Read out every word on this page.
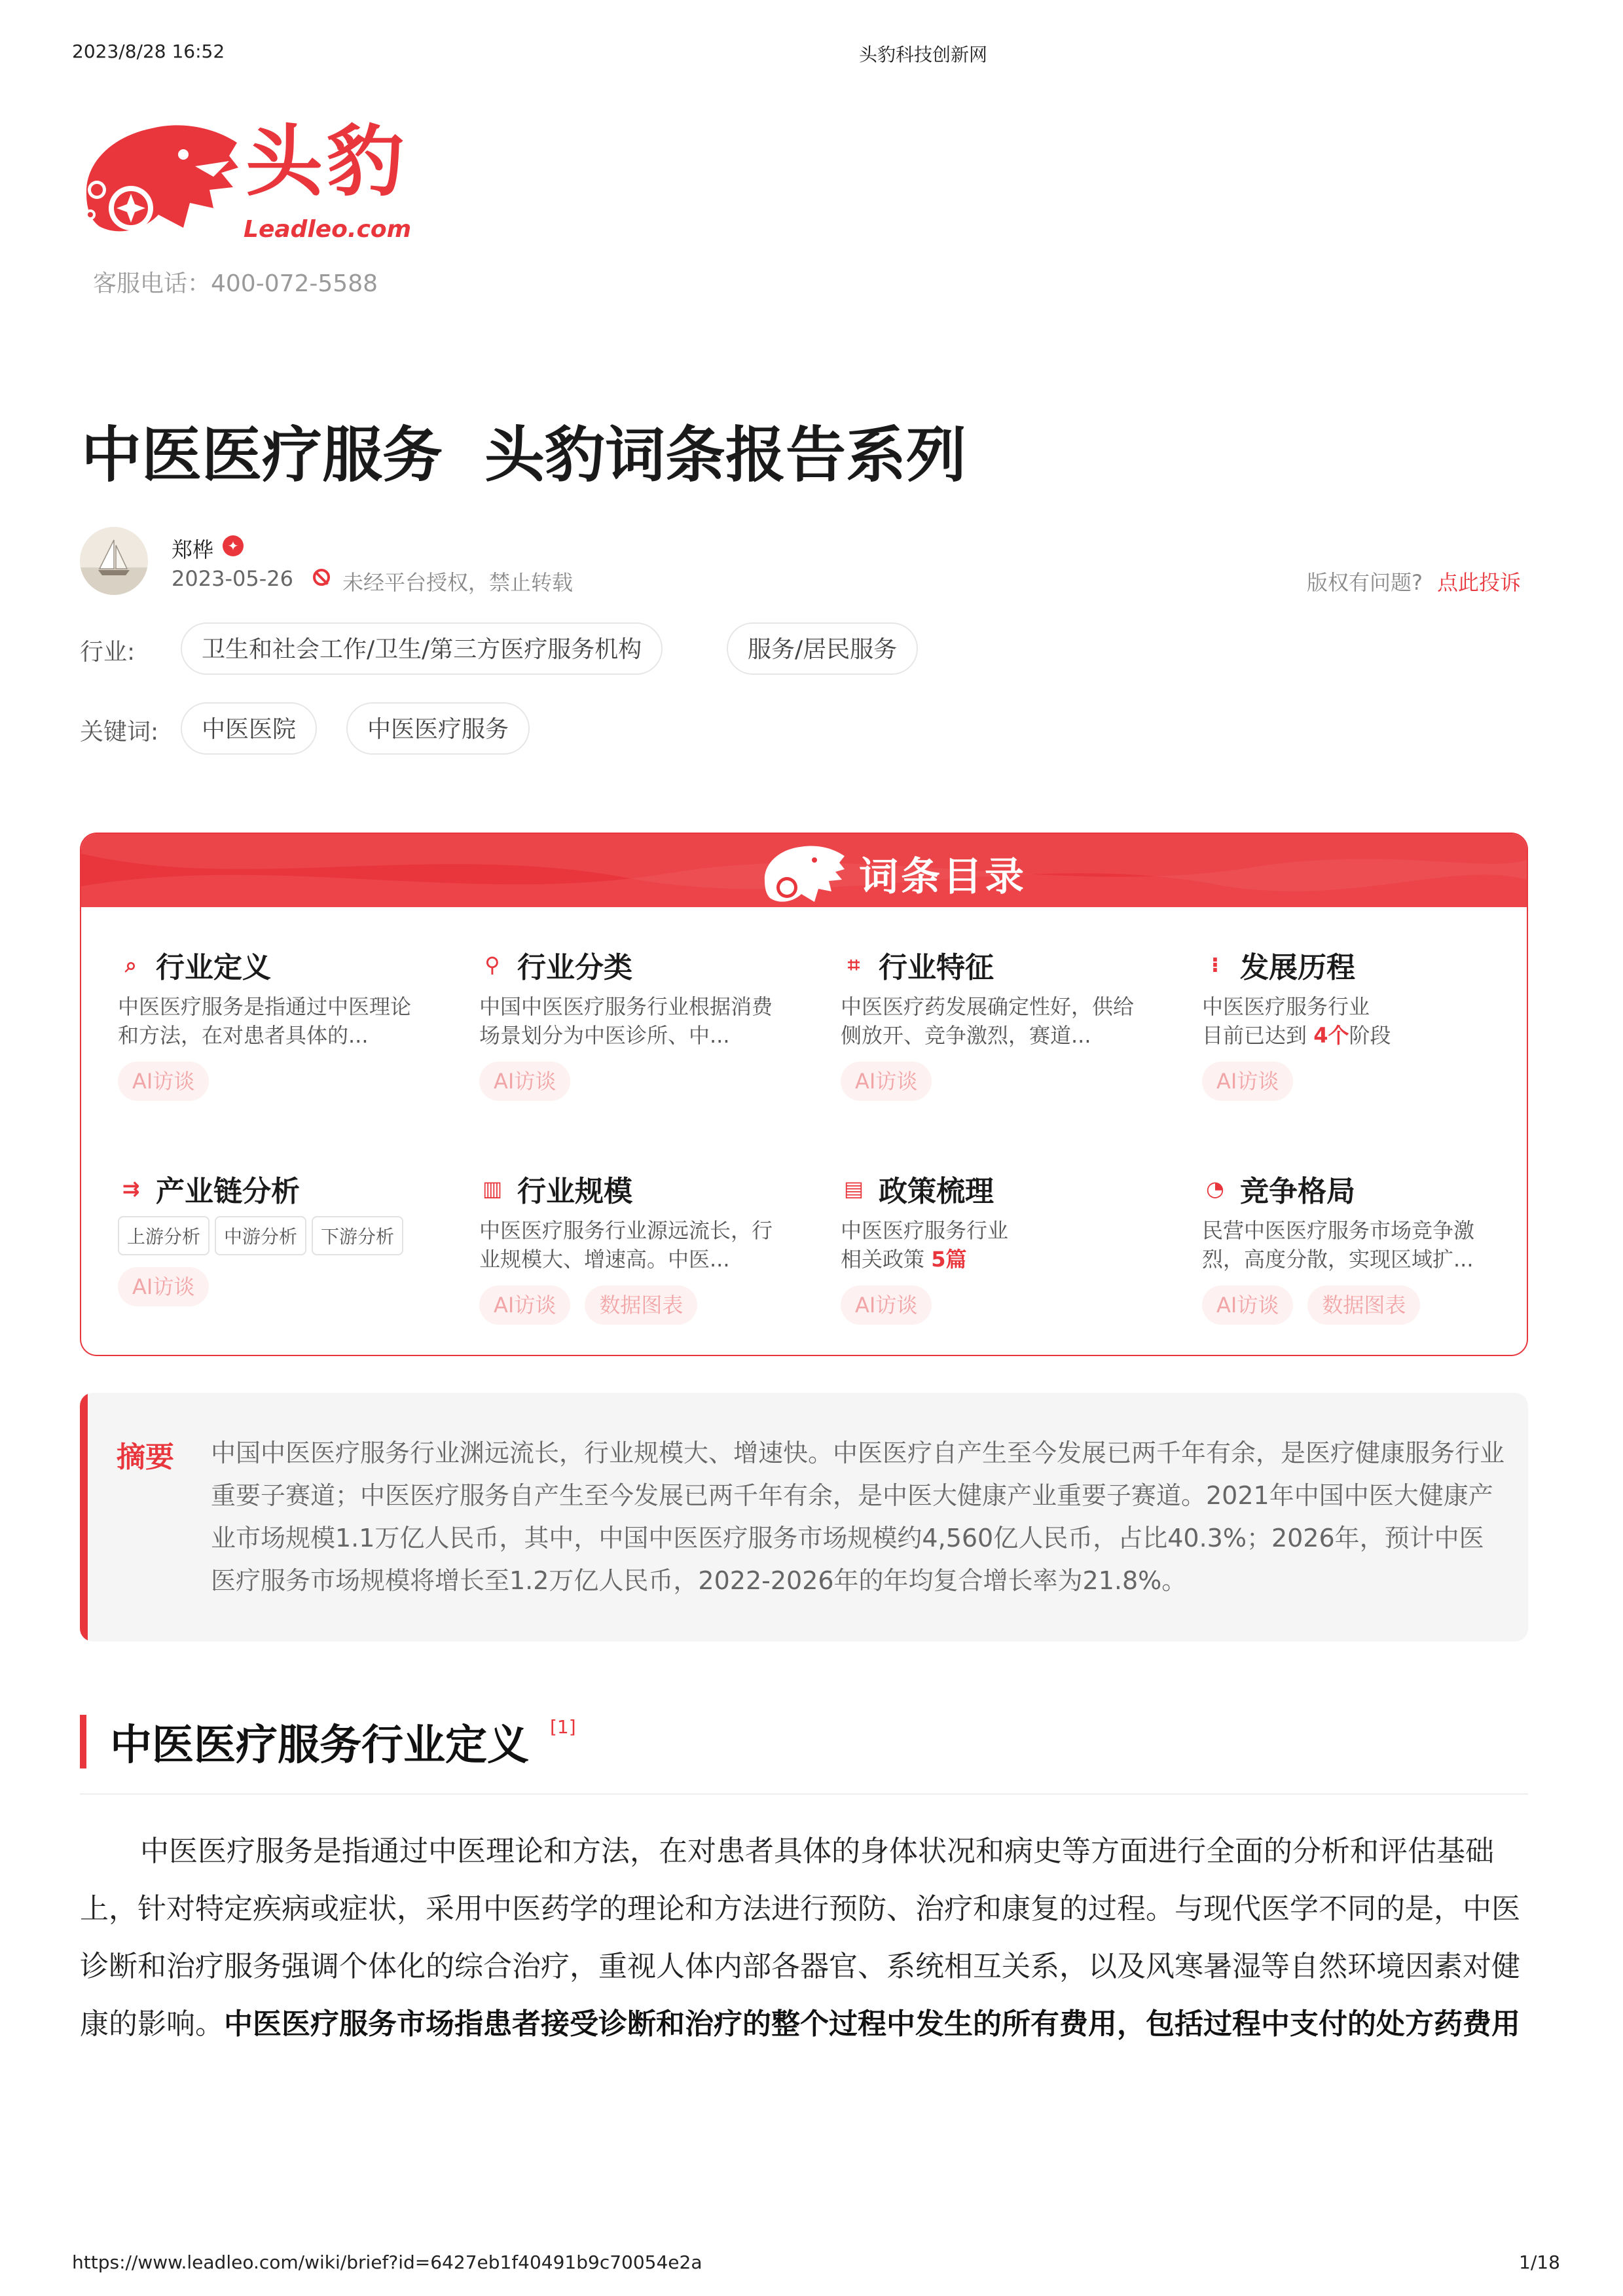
2023/8/28 16:52	头豹科技创新网
头豹
Leadleo.com
客服电话：400-072-5588
中医医疗服务  头豹词条报告系列
郑桦	✦
2023-05-26 未经平台授权，禁止转载	版权有问题? 点此投诉
行业:	卫生和社会工作/卫生/第三方医疗服务机构	服务/居民服务
关键词:	中医医院	中医医疗服务
词条目录
⌕ 行业定义
中医医疗服务是指通过中医理论和方法，在对患者具体的...
AI访谈
⚲ 行业分类
中国中医医疗服务行业根据消费场景划分为中医诊所、中...
AI访谈
⌗ 行业特征
中医医疗药发展确定性好，供给侧放开、竞争激烈，赛道...
AI访谈
⁝ 发展历程
中医医疗服务行业
目前已达到 4个阶段
AI访谈
⇉ 产业链分析
上游分析 中游分析 下游分析
AI访谈
▥ 行业规模
中医医疗服务行业源远流长，行业规模大、增速高。中医...
AI访谈 数据图表
▤ 政策梳理
中医医疗服务行业
相关政策 5篇
AI访谈
◔ 竞争格局
民营中医医疗服务市场竞争激烈，高度分散，实现区域扩...
AI访谈 数据图表
摘要 中国中医医疗服务行业渊远流长，行业规模大、增速快。中医医疗自产生至今发展已两千年有余，是医疗健康服务行业重要子赛道；中医医疗服务自产生至今发展已两千年有余，是中医大健康产业重要子赛道。2021年中国中医大健康产业市场规模1.1万亿人民币，其中，中国中医医疗服务市场规模约4,560亿人民币，占比40.3%；2026年，预计中医医疗服务市场规模将增长至1.2万亿人民币，2022-2026年的年均复合增长率为21.8%。
中医医疗服务行业定义 [1]
中医医疗服务是指通过中医理论和方法，在对患者具体的身体状况和病史等方面进行全面的分析和评估基础上，针对特定疾病或症状，采用中医药学的理论和方法进行预防、治疗和康复的过程。与现代医学不同的是，中医诊断和治疗服务强调个体化的综合治疗，重视人体内部各器官、系统相互关系，以及风寒暑湿等自然环境因素对健康的影响。中医医疗服务市场指患者接受诊断和治疗的整个过程中发生的所有费用，包括过程中支付的处方药费用
https://www.leadleo.com/wiki/brief?id=6427eb1f40491b9c70054e2a	1/18
